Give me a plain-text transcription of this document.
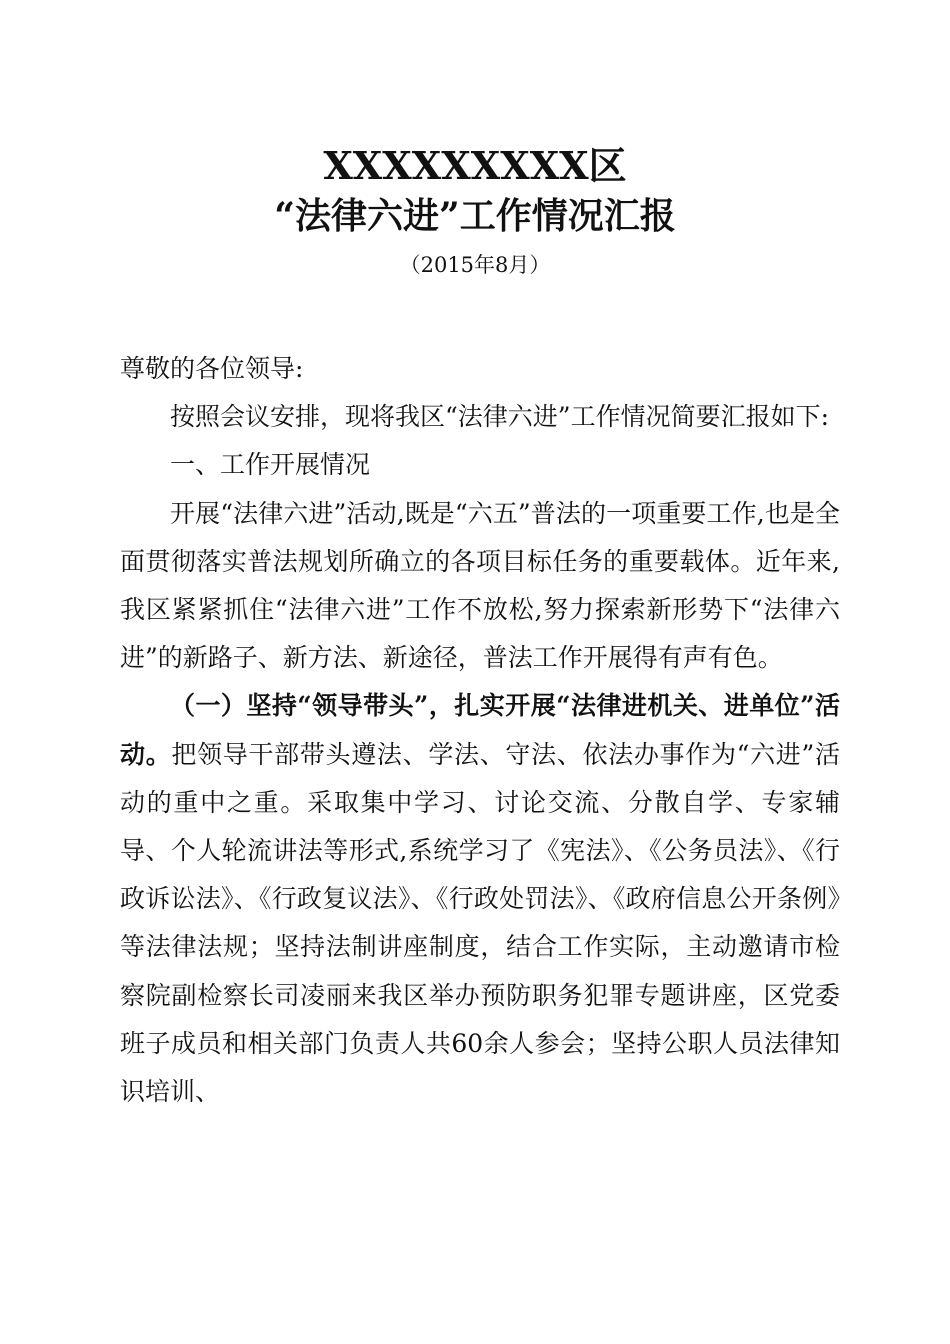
XXXXXXXXX区
“法律六进”工作情况汇报
（2015年8月）

尊敬的各位领导:

按照会议安排，现将我区“法律六进”工作情况简要汇报如下:

一、工作开展情况

开展“法律六进”活动,既是“六五”普法的一项重要工作,也是全面贯彻落实普法规划所确立的各项目标任务的重要载体。近年来,我区紧紧抓住“法律六进”工作不放松,努力探索新形势下“法律六进”的新路子、新方法、新途径，普法工作开展得有声有色。

（一）坚持“领导带头”，扎实开展“法律进机关、进单位”活动。把领导干部带头遵法、学法、守法、依法办事作为“六进”活动的重中之重。采取集中学习、讨论交流、分散自学、专家辅导、个人轮流讲法等形式,系统学习了《宪法》、《公务员法》、《行政诉讼法》、《行政复议法》、《行政处罚法》、《政府信息公开条例》等法律法规；坚持法制讲座制度，结合工作实际，主动邀请市检察院副检察长司凌丽来我区举办预防职务犯罪专题讲座，区党委班子成员和相关部门负责人共60余人参会；坚持公职人员法律知识培训、
